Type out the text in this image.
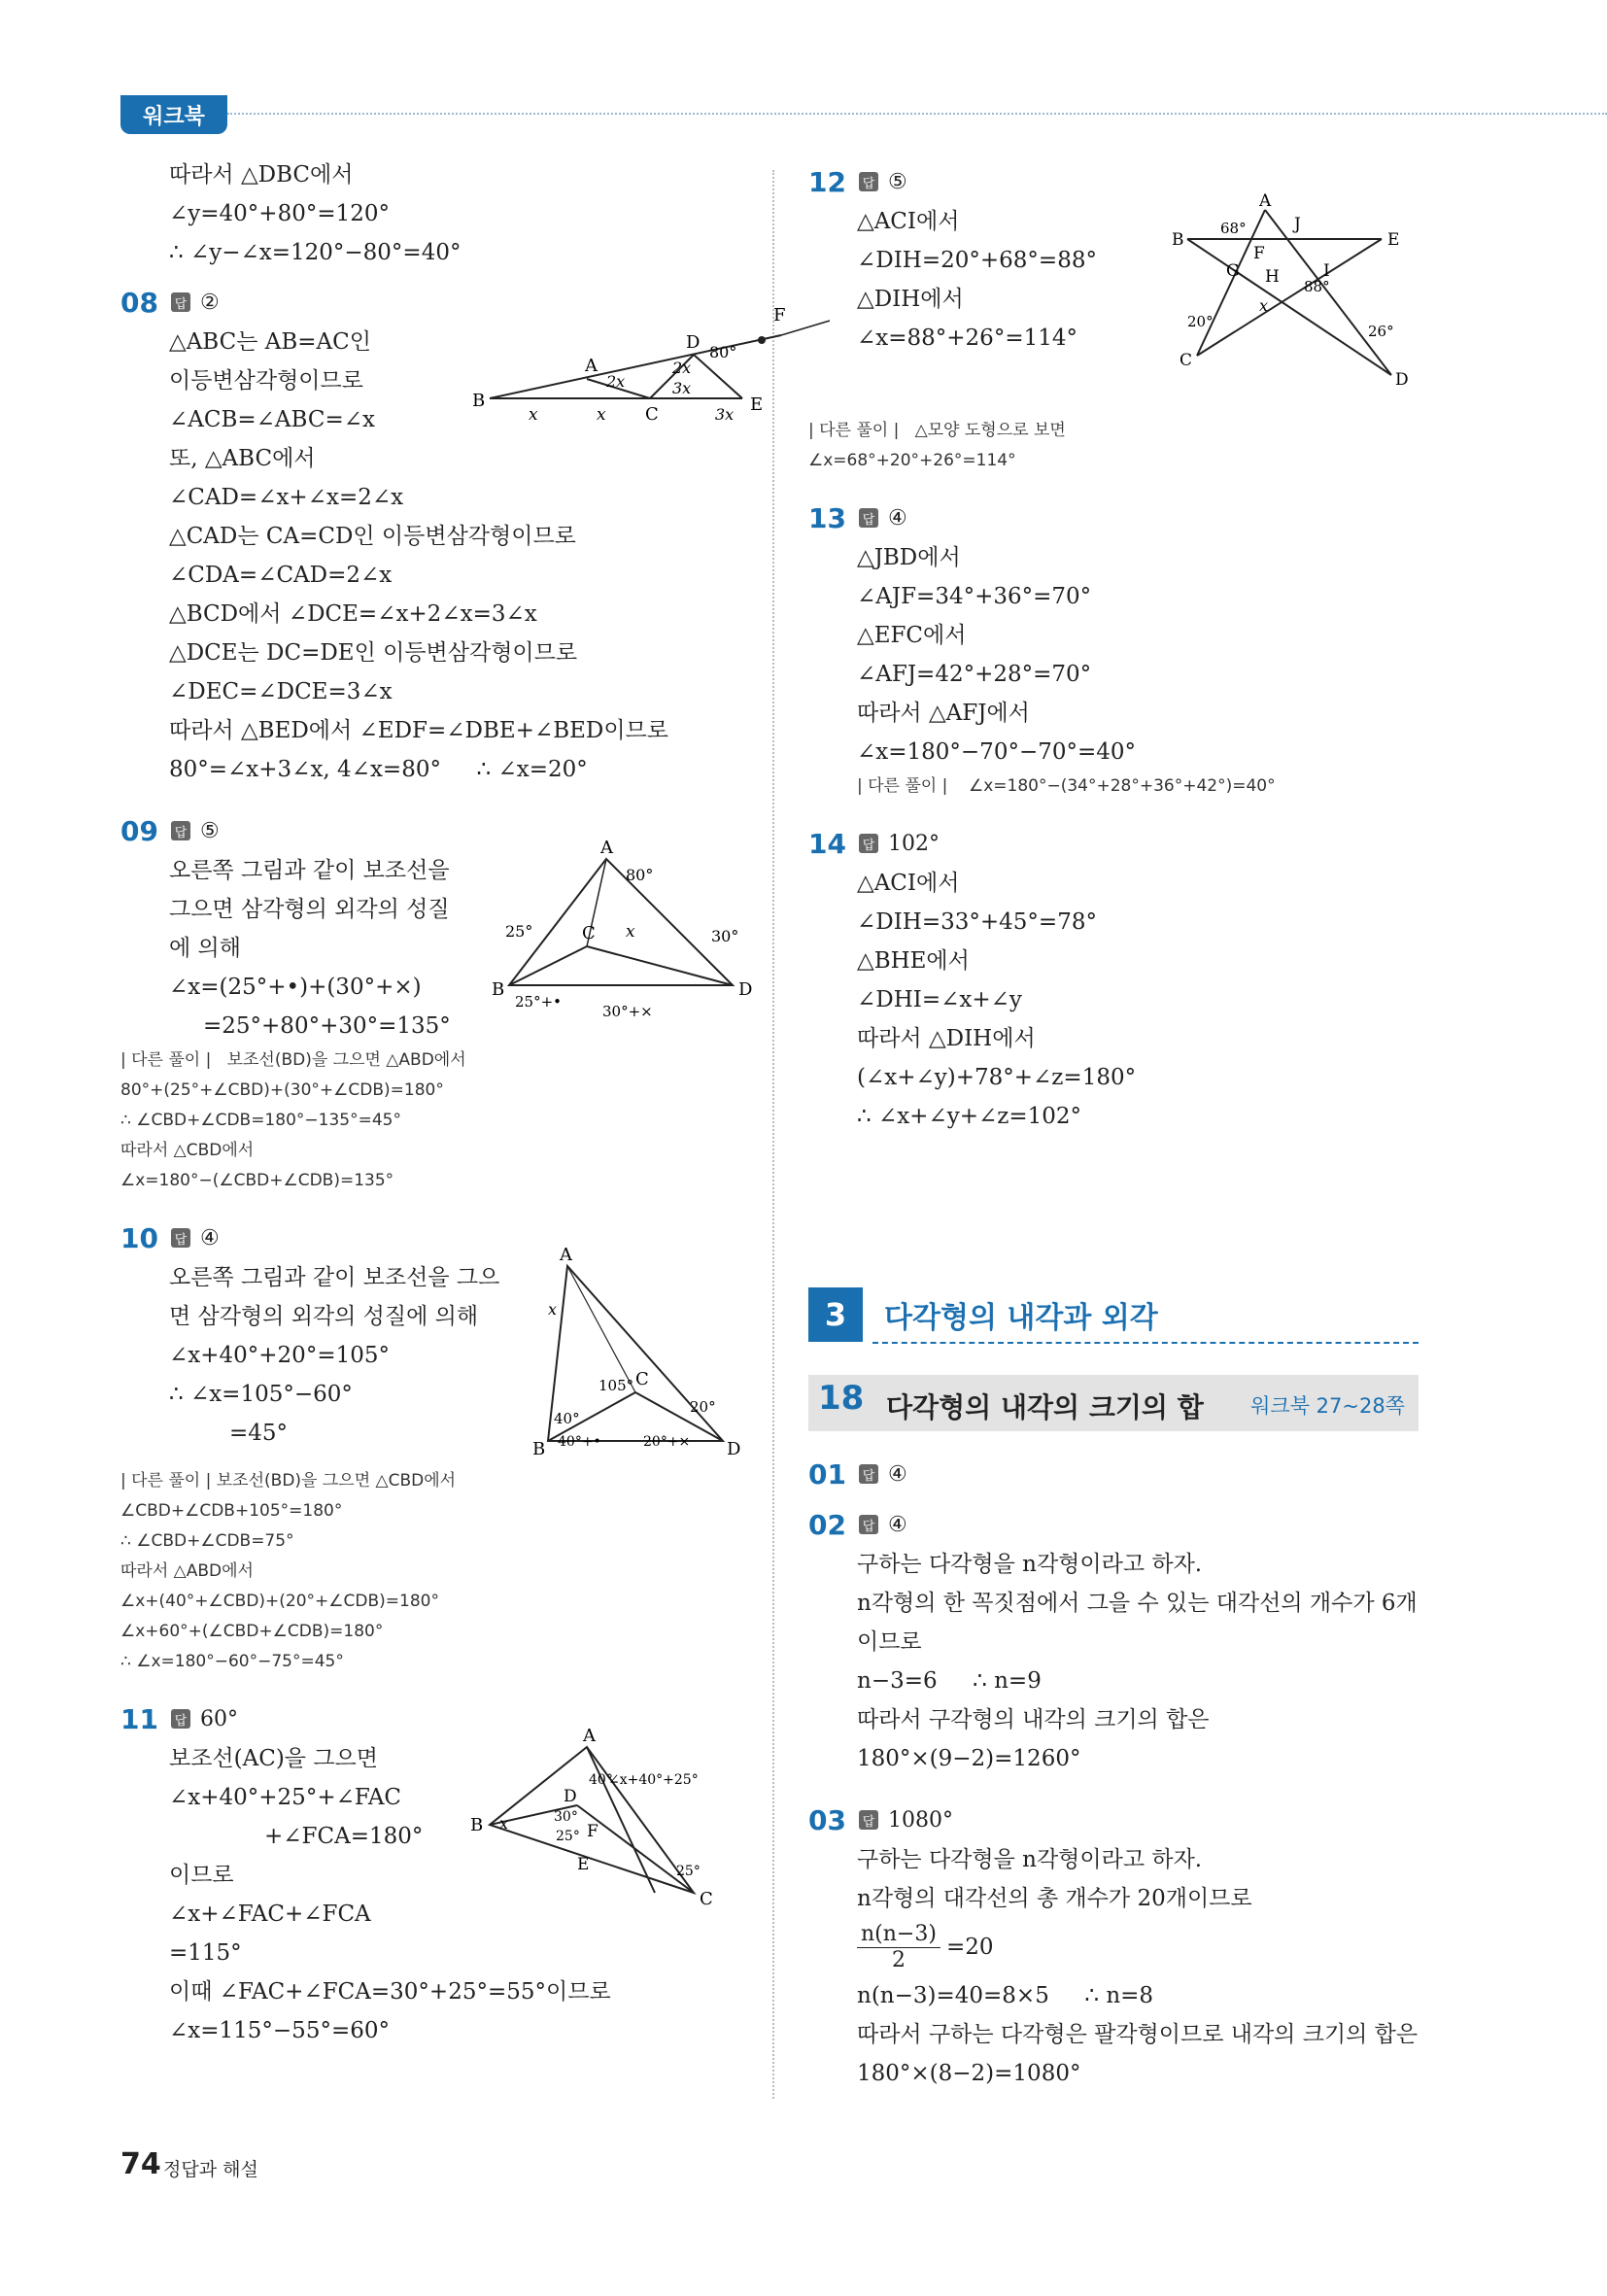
워크북
따라서 △DBC에서
∠y=40°+80°=120°
∴ ∠y−∠x=120°−80°=40°
08 답 ②
△ABC는 AB=AC인
이등변삼각형이므로
∠ACB=∠ABC=∠x
또, △ABC에서
∠CAD=∠x+∠x=2∠x
△CAD는 CA=CD인 이등변삼각형이므로
∠CDA=∠CAD=2∠x
△BCD에서 ∠DCE=∠x+2∠x=3∠x
△DCE는 DC=DE인 이등변삼각형이므로
∠DEC=∠DCE=3∠x
따라서 △BED에서 ∠EDF=∠DBE+∠BED이므로
80°=∠x+3∠x, 4∠x=80°     ∴ ∠x=20°
B
A
C
D
E
F
x	x
2x
2x
3x
3x
80°
09 답 ⑤
오른쪽 그림과 같이 보조선을
그으면 삼각형의 외각의 성질
에 의해
∠x=(25°+•)+(30°+×)
=25°+80°+30°=135°
| 다른 풀이 |   보조선(BD)을 그으면 △ABD에서
80°+(25°+∠CBD)+(30°+∠CDB)=180°
∴ ∠CBD+∠CDB=180°−135°=45°
따라서 △CBD에서
∠x=180°−(∠CBD+∠CDB)=135°
A
B
C
D
80°
25°	30°
x
25°+•
30°+×
10 답 ④
오른쪽 그림과 같이 보조선을 그으
면 삼각형의 외각의 성질에 의해
∠x+40°+20°=105°
∴ ∠x=105°−60°
=45°
| 다른 풀이 | 보조선(BD)을 그으면 △CBD에서
∠CBD+∠CDB+105°=180°
∴ ∠CBD+∠CDB=75°
따라서 △ABD에서
∠x+(40°+∠CBD)+(20°+∠CDB)=180°
∠x+60°+(∠CBD+∠CDB)=180°
∴ ∠x=180°−60°−75°=45°
A
B
C
D
x
105°
40°
20°
40°+•	20°+×
11 답 60°
보조선(AC)을 그으면
∠x+40°+25°+∠FAC
+∠FCA=180°
이므로
∠x+∠FAC+∠FCA
=115°
이때 ∠FAC+∠FCA=30°+25°=55°이므로
∠x=115°−55°=60°
A
B
C
D
E
F
x
40°
30°
25°
25°
∠x+40°+25°
12 답 ⑤
△ACI에서
∠DIH=20°+68°=88°
△DIH에서
∠x=88°+26°=114°
| 다른 풀이 |   △모양 도형으로 보면
∠x=68°+20°+26°=114°
A
B
C
D
E
F
G H	I
J
68°
88°
20°
26°
x
13 답 ④
△JBD에서
∠AJF=34°+36°=70°
△EFC에서
∠AFJ=42°+28°=70°
따라서 △AFJ에서
∠x=180°−70°−70°=40°
| 다른 풀이 |    ∠x=180°−(34°+28°+36°+42°)=40°
14 답 102°
△ACI에서
∠DIH=33°+45°=78°
△BHE에서
∠DHI=∠x+∠y
따라서 △DIH에서
(∠x+∠y)+78°+∠z=180°
∴ ∠x+∠y+∠z=102°
3	다각형의 내각과 외각
18 다각형의 내각의 크기의 합 워크북 27~28쪽
01 답 ④
02 답 ④
구하는 다각형을 n각형이라고 하자.
n각형의 한 꼭짓점에서 그을 수 있는 대각선의 개수가 6개
이므로
n−3=6     ∴ n=9
따라서 구각형의 내각의 크기의 합은
180°×(9−2)=1260°
03 답 1080°
구하는 다각형을 n각형이라고 하자.
n각형의 대각선의 총 개수가 20개이므로
$\frac{n(n-3)}{2} =20$
n(n−3)=40=8×5     ∴ n=8
따라서 구하는 다각형은 팔각형이므로 내각의 크기의 합은
180°×(8−2)=1080°
74 정답과 해설
